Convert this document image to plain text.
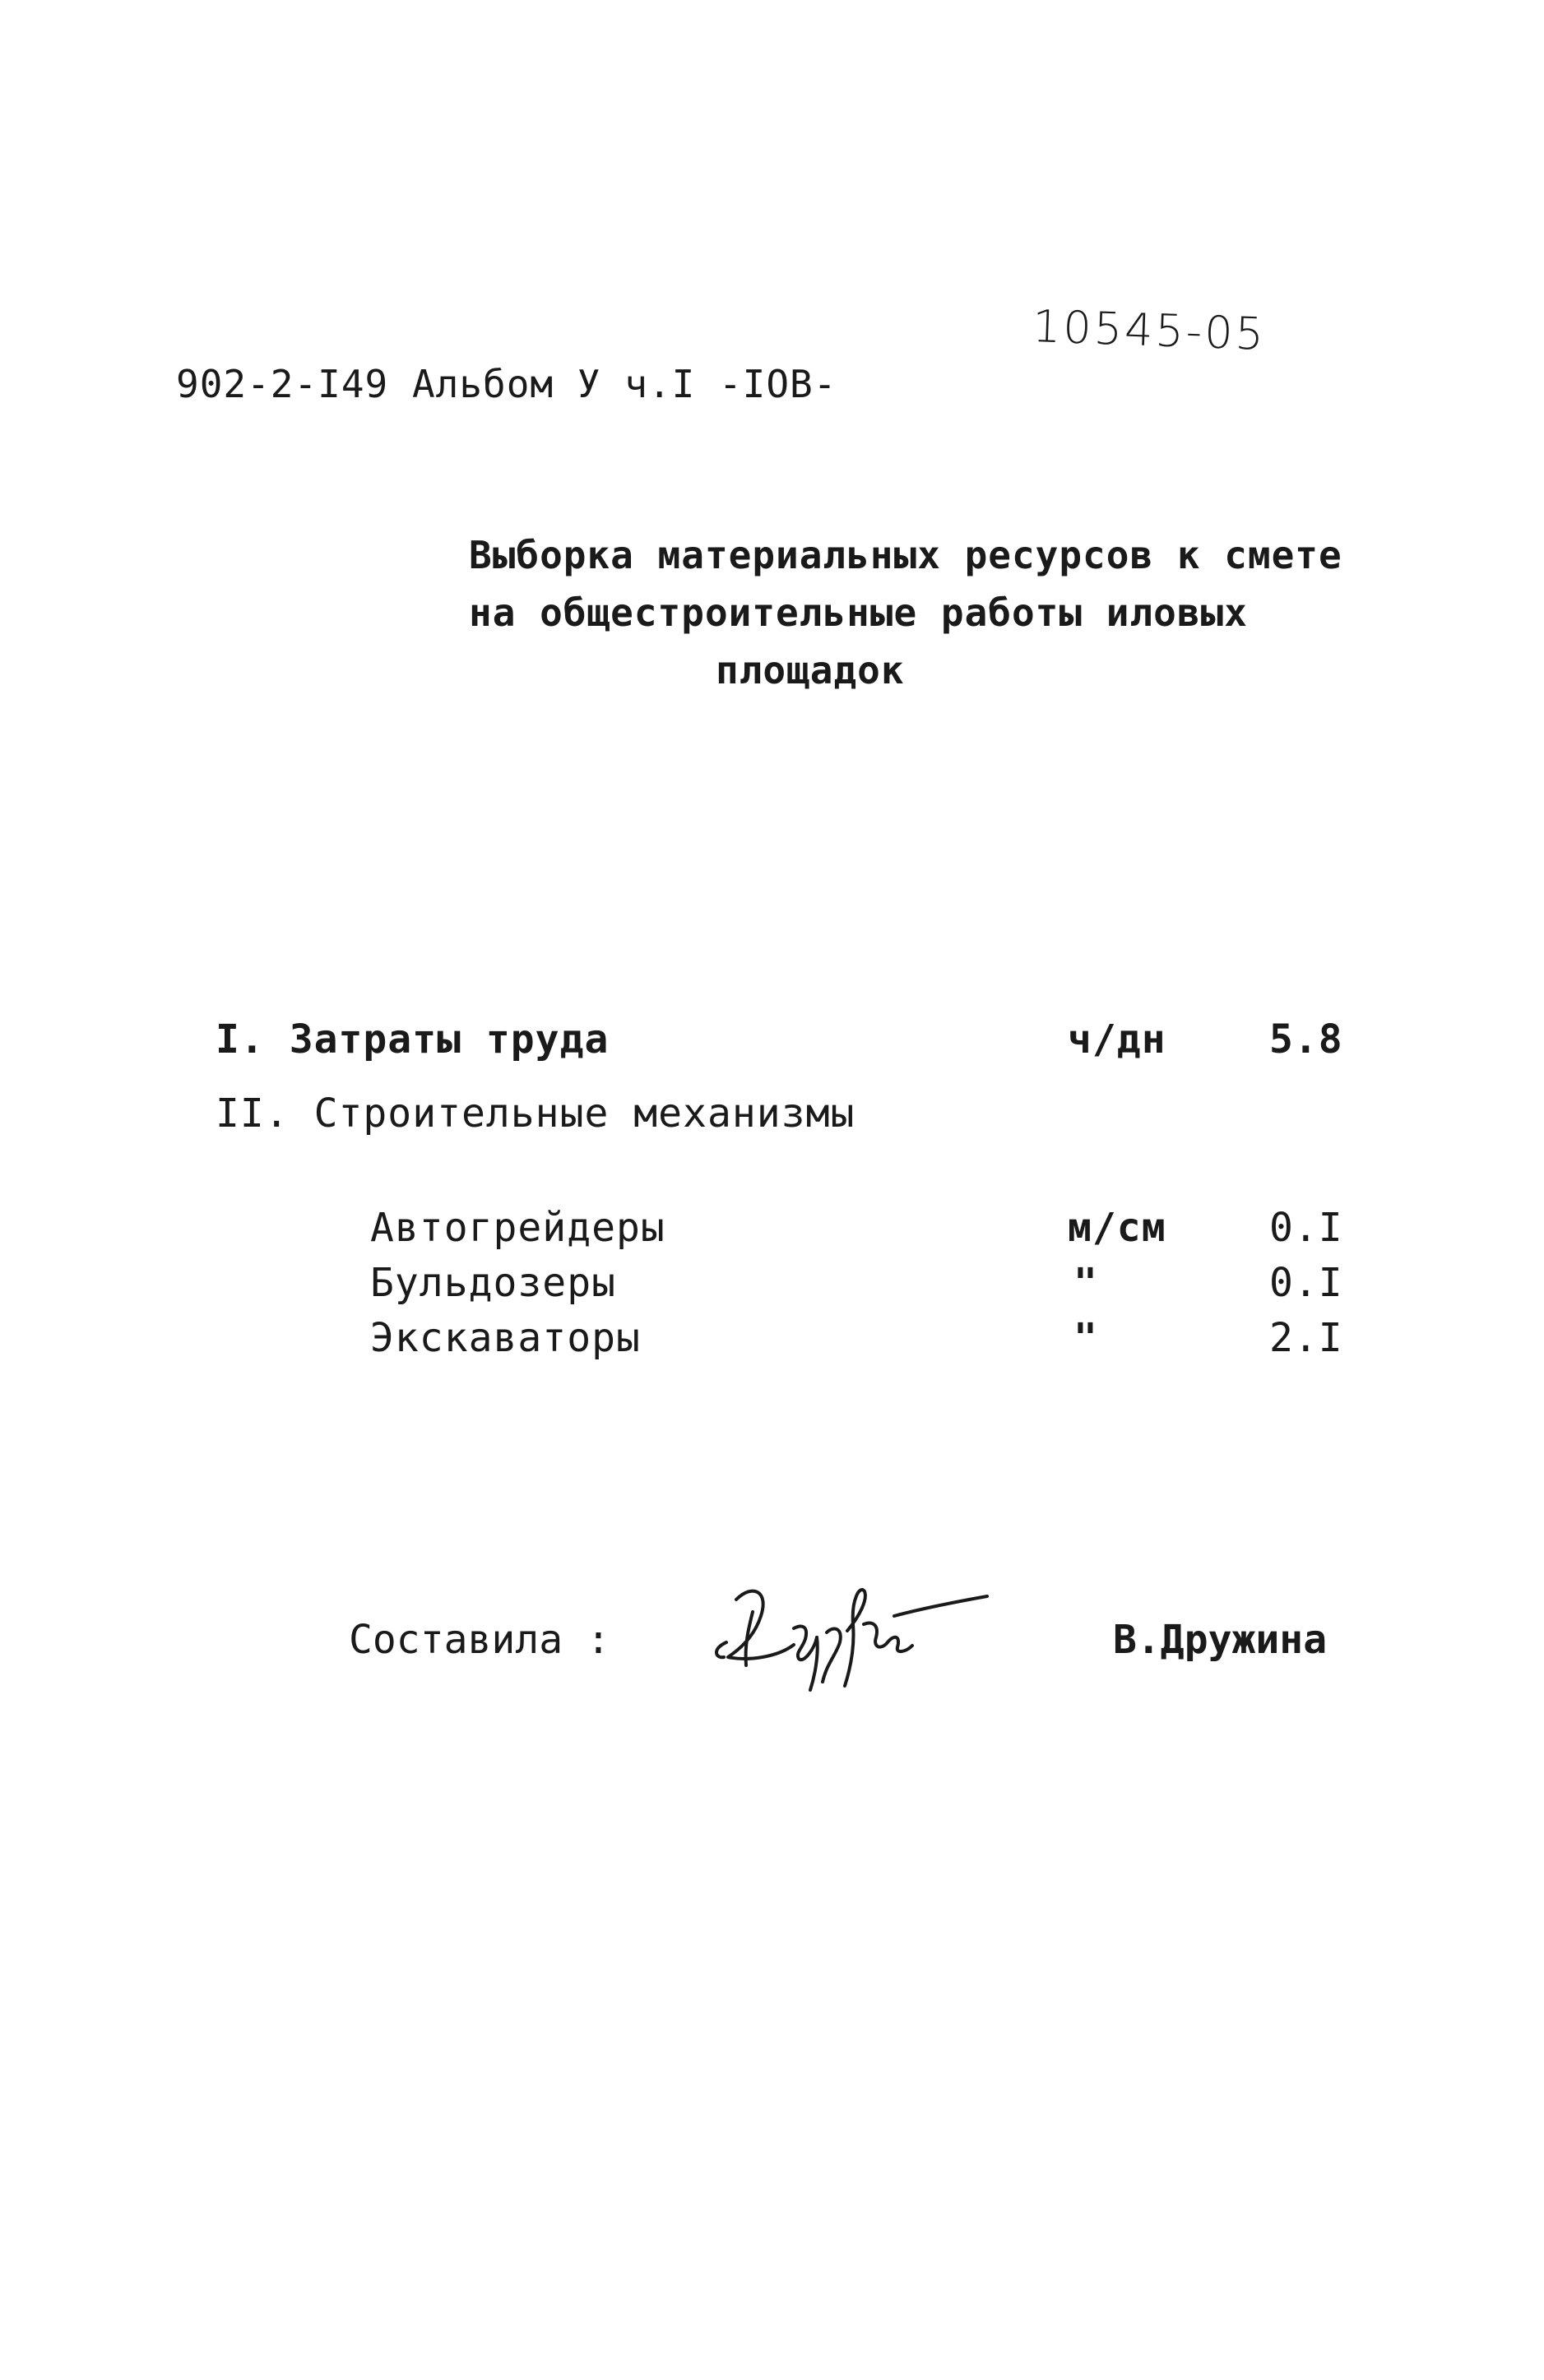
902-2-I49 Альбом У ч.I -IОВ-
10545-05
Выборка материальных ресурсов к смете
на общестроительные работы иловых

площадок
I. Затраты труда	ч/дн	5.8
II. Строительные механизмы
Автогрейдеры	м/см	0.I
Бульдозеры	"	0.I
Экскаваторы	"	2.I
Составила :	В.Дружина
